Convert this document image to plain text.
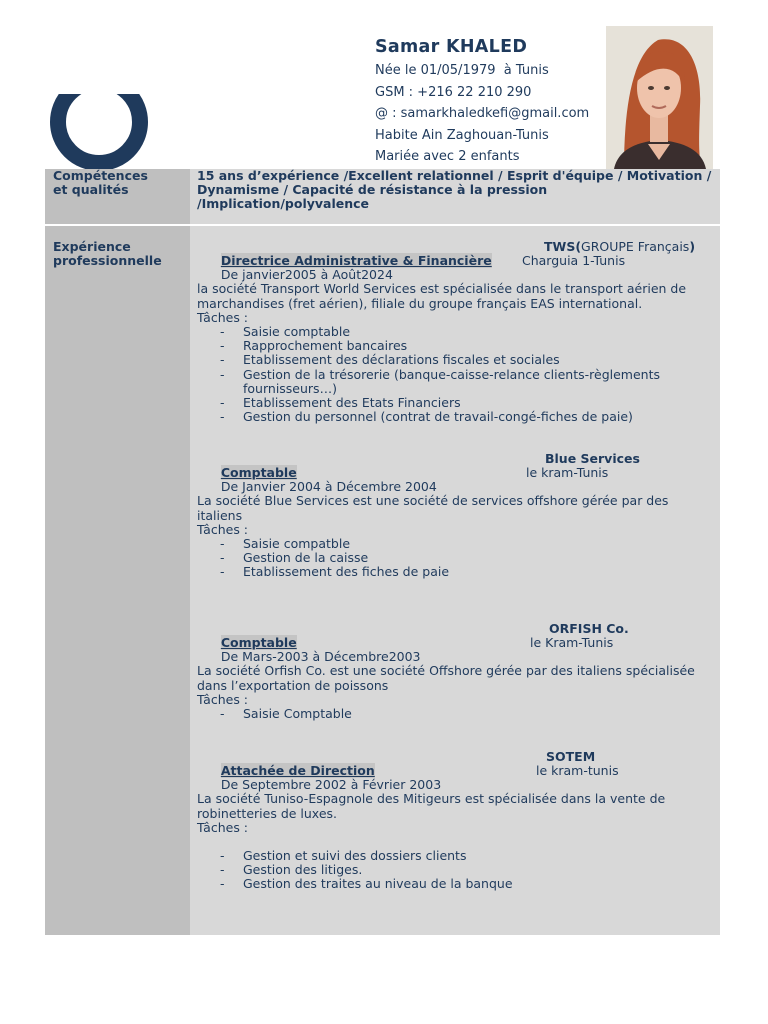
Samar KHALED
Née le 01/05/1979  à Tunis
GSM : +216 22 210 290
@ : samarkhaledkefi@gmail.com
Habite Ain Zaghouan-Tunis
Mariée avec 2 enfants
Compétences
et qualités
15 ans d’expérience /Excellent relationnel / Esprit d'équipe / Motivation / Dynamisme / Capacité de résistance à la pression /Implication/polyvalence
Expérience
professionnelle	Directrice Administrative & Financière

TWS(GROUPE Français)

De janvier2005 à Août2024

Charguia 1-Tunis

la société Transport World Services est spécialisée dans le transport aérien de marchandises (fret aérien), filiale du groupe français EAS international.
Tâches :
- Saisie comptable
- Rapprochement bancaires
- Etablissement des déclarations fiscales et sociales
- Gestion de la trésorerie (banque-caisse-relance clients-règlements fournisseurs…)
- Etablissement des Etats Financiers
- Gestion du personnel (contrat de travail-congé-fiches de paie)

Comptable

Blue Services

De Janvier 2004 à Décembre 2004

le kram-Tunis

La société Blue Services est une société de services offshore gérée par des italiens
Tâches :
- Saisie compatble
- Gestion de la caisse
- Etablissement des fiches de paie

Comptable

ORFISH Co.

De Mars-2003 à Décembre2003

le Kram-Tunis

La société Orfish Co. est une société Offshore gérée par des italiens spécialisée dans l’exportation de poissons
Tâches :
- Saisie Comptable

Attachée de Direction

SOTEM

De Septembre 2002 à Février 2003

le kram-tunis

La société Tuniso-Espagnole des Mitigeurs est spécialisée dans la vente de robinetteries de luxes.
Tâches :
- Gestion et suivi des dossiers clients
- Gestion des litiges.
- Gestion des traites au niveau de la banque
